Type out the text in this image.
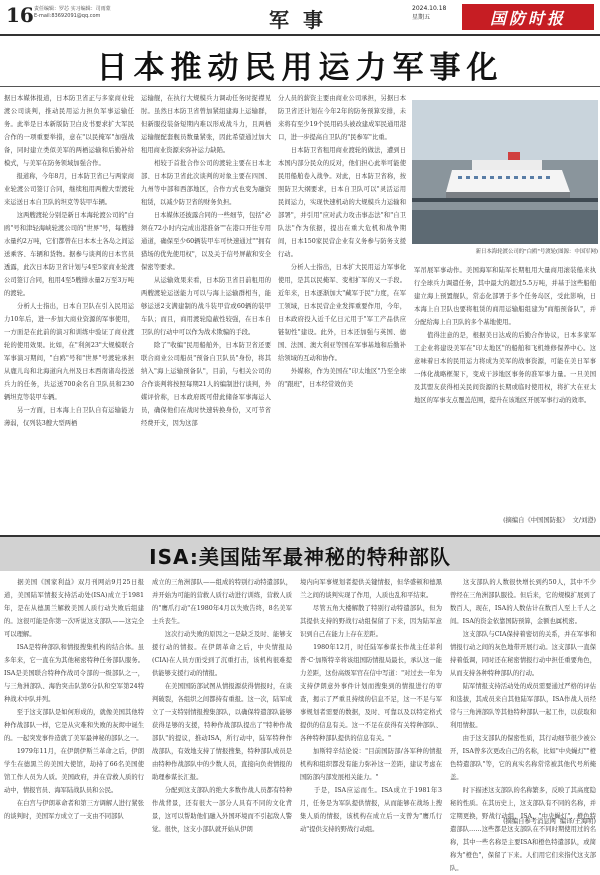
16 责任编辑：罗芯 实习编辑：司雨蒙
E-mail:83692091@qq.com	军事	2024.10.18
星期五	国防时报
日本推动民用运力军事化
据日本媒体报道，日本防卫省正与多家商业轮渡公司谈判，推动民用运力担负军事运输任务。此举是日本新版防卫白皮书要求扩大军民合作的一项重要举措，意在"以民掩军"加强战备，同时建立类似美军的两栖运输和后勤补给模式，与美军在防务领域加强合作。
　　报道称，今年8月，日本防卫省已与两家商业轮渡公司签订合同，继续租用两艘大型渡轮来运送日本自卫队的坦克等装甲车辆。
　　这两艘渡轮分别是新日本海轮渡公司的"白鸥"号和津轻海峡轮渡公司的"世界"号，每艘排水量约2万吨，它们都曾在日本本土各岛之间运送乘客、车辆和货物。据参与谈判的日本官员透露，此次日本防卫省计划与4至5家商业轮渡公司签订合同，租用4至5艘排水量2万至3万吨的渡轮。
　　分析人士指出，日本自卫队在引入民用运力10年后，进一步加大商业资源的军事使用，一方面是在此前的演习和训练中验证了商业渡轮的使用效果。比如，在"利剑23"大规模联合军事演习期间，"白鸥"号和"世界"号渡轮承担从鹿儿岛和北海道向九州及日本西南诸岛投送兵力的任务，共运送700余名自卫队员和230辆坦克等装甲车辆。
　　另一方面，日本海上自卫队自有运输能力薄弱，仅列装3艘大型两栖
运输舰，在执行大规模兵力调动任务时捉襟见肘。虽然日本防卫省曾加紧组建海上运输群，但新服役装备短期内难以形成战斗力，且两栖运输舰配套舰员数量紧张，因此希望通过加大租用商业资源来弥补运力缺陷。
　　相较于首批合作公司的渡轮主要在日本北部、日本防卫省此次谈判的对象主要在四国、九州等中部和西部地区，合作方式也变为融资租赁，以减少防卫省的财务负担。
　　日本媒体还披露合同的一些细节，包括"必须在72小时内完成出港准备""在港口开往专用通道，确保至少60辆装甲车可快速通过""拥有猎场的优先使用权"，以及关于信号屏蔽和安全保密等要求。
　　从运输效果来看，日本防卫省目前租用的两艘渡轮运送能力可以与海上运输群相当，能够运送2支满建制的战斗装甲营或60辆的装甲车队；而且，商用渡轮隐蔽性较强，在日本自卫队的行动中可以作为战术欺骗的手段。
　　除了"收编"民用船舶外，日本防卫省还要联合商业公司船员"预备自卫队员"身份，将其纳入"海上运输预备队"，目前，与相关公司的合作谈判将按照每期21人的编制进行谈判，外媒评价称，日本政府既可借此储备军事海运人员，确保他们在战时快速转换身份，又可节省经费开支，因为这部
分人员的薪资主要由商业公司承担，另据日本防卫省还计划在今年2年的防务预算安排，未来将有至少19个民用码头被改建成军民通用港口，进一步提高自卫队的"民参军"比重。
　　日本防卫省租用商业渡轮的做法，遭到日本国内部分民众的反对，他们担心此举可能使民用船舶卷入战争。对此，日本防卫省称，按照防卫大纲要求，日本自卫队可以"灵活运用民间运力，实现快速机动的大规模兵力运输和部署"，并引用"应对武力攻击事态法"和"自卫队法"作为依据，提出在重大危机和战争期间，日本150家民营企业有义务参与防务支援行动。
　　分析人士指出，日本扩大民用运力军事化使用，是其以民掩军、变相扩军的又一手段。近年来，日本逐渐加大"藏军于民"力度，在军工领域，日本民营企业发挥重要作用，今年，日本政府投入近千亿日元用于"军工产品供应链韧性"建设。此外，日本还加强与英国、德国、法国、澳大利亚等国在军事基地和后勤补给领域的互动和协作。
　　外媒称，作为美国在"印太地区"乃至全球的"跟班"，日本经常效仿美
新日本海轮渡公司的"白鸥"号渡轮(图源：中国军网)
军吊展军事动作。美国海军和陆军长期租用大量商用滚装船来执行全球兵力调遣任务，其中最大的超过5.5万吨，并基于这些船舶建立海上预置舰队，常态化部署于多个任务岛区，受此影响，日本海上自卫队也要将租赁的商用运输船组建为"商船预备队"，并分配给海上自卫队的多个基地使用。
　　值得注意的是，根据美日达成的后勤合作协议，日本多家军工企业将建设美军在"印太地区"的船舶和飞机维修保养中心。这意味着日本的民用运力将成为美军的战事资源，可能在美日军事一体化战略框架下，变成干涉地区事务的准军事力量。一旦美国及其盟友获得相关民间资源的长期或临时使用权，将扩大在亚太地区的军事支点覆盖范围，提升在该地区开展军事行动的效率。
(摘编自《中国国防报》  文/刘澄)
ISA:美国陆军最神秘的特种部队
　　据美国《国家利益》双月刊网站9月25日报道，美国陆军情报支持活动处(ISA)成立于1981年，是在从德黑兰解救美国人质行动失败后组建的。这很可能是你第一次听说这支部队——这完全可以理解。
　　ISA是特种部队和情报搜集机构的结合体。虽多年来，它一直在为其他秘密特种任务部队服务。ISA是美国联合特种作战司令部的一级部队之一，与三角洲部队、海豹突击队第6分队和空军第24特种战术中队并列。
　　至于这支部队是如何形成的，就像美国其他特种作战部队一样，它是从灾难和失败的灰烬中诞生的。一起突发事件造就了美军最神秘的部队之一。
　　1979年11月，在伊朗伊斯兰革命之后，伊朗学生在德黑兰的美国大使馆，劫持了66名美国使馆工作人员为人质。美国政府，并在营救人质的行动中，情报官员、海军陆战队员和公民。
　　在白宫与伊朗革命者和第三方调解人进行紧张的谈判时，美国军方成立了一支由不同部队
成立的三角洲部队——组成的特别行动特遣部队，并开始为可能的营救人质行动进行训练，营救人质的"鹰爪行动"在1980年4月以失败告终，8名美军士兵丧生。
　　这次行动失败的原因之一是缺乏及时、能够支援行动的情报。在伊朗革命之后，中央情报局(CIA)在人员方面受到了沉重打击，该机构很难提供能够支援行动的情报。
　　在美国国防部试图从情报源获得情报时，在谈判破裂，各组织之间都持有重报。这一次，陆军成立了一支特别情报搜集部队，以确保特遣部队能够获得足够的支援，特种作战部队提出了"特种作战部队"的提议，推动ISA，所行动中，陆军特种作战部队，有效地支持了情报搜集，特种部队成员是由特种作战部队中的少数人员，直接向负责情报的助理参谋长汇报。
　　分配到这支部队的绝大多数作战人员都有特种作战背景，还有很大一部分人具有不同的文化背景，这可以帮助他们融入外国环境而不引起敌人警觉。很快，这支小部队就开始从伊朗
境内向军事规划者提供关键情报，但华盛顿和德黑兰之间的谈判实现了作用，人质也乱和平结束。
　　尽管五角大楼解散了特别行动特遣部队，但为其提供支持的野战行动组保留了下来，因为陆军意识到自己在能力上存在差距。
　　1980年12月，时任陆军参谋长作战主任菲利普·C·加斯特辛将该组国防情报局最长，承认这一能力差距，这份高级军官在信中写道："对过去一年为支持伊朗意外事件计划而搜集到的情报进行的审查，揭示了严重且持续的信息不足，这一不足与军事规划者需要的数据，及时、可靠以及以特定格式提供的信息有关。这一不足在获得有关特种部队、各种特种部队提供的信息有关。"
　　加斯特辛结论说："目前国防部/各军种的情报机构和组织都没有能力弥补这一差距，建议考虑在国防部内部发展相关能力。"
　　于是，ISA应运而生。ISA成立于1981年3月，任务是为军队提供情报，从而能够在战场上搜集人质的情报，该机构在成立后一支曾为"鹰爪行动"提供支持的野战行动组。
　　这支部队的人数很快增长到约50人，其中不少曾经在三角洲部队服役。但后来，它的规模扩展到了数百人，现在，ISA的人数估计在数百人至上千人之间。ISA的资金依靠国防预算，金额也属机密。
　　这支部队与CIA保持着密切的关系，并在军事和情报行动之间的灰色地带开展行动。这支部队一直保持着低调，同时还在秘密情报行动中担任重要角色，从而支持各种特种部队的行动。
　　陆军情报支持活动处的成员需要通过严格的评估和选拔，其成员来自其他陆军部队，ISA作战人员经常与三角洲部队等其他特种部队一起工作，以获取和利用情报。
　　由于这支部队的保密性质，其行动细节很少被公开，ISA曾多次更改自己的名称，比如"中央蝇灯""橙色特遣部队"等，它的真实名称常常被其他代号所掩盖。
　　时下描述这支部队的名称繁多，反映了其高度隐秘的性质。在其历史上，这支部队有不同的名称，并定期更换，野战行动组、ISA、"中央蝇灯"、橙色特遣部队……这些都是这支部队在不同时期使用过的名称，其中一些名称是主要ISA和橙色特遣部队，或简称为"橙色"，保留了下来。人们用它们来指代这支部队。
(摘编自参考消息网  编译/王海明)
